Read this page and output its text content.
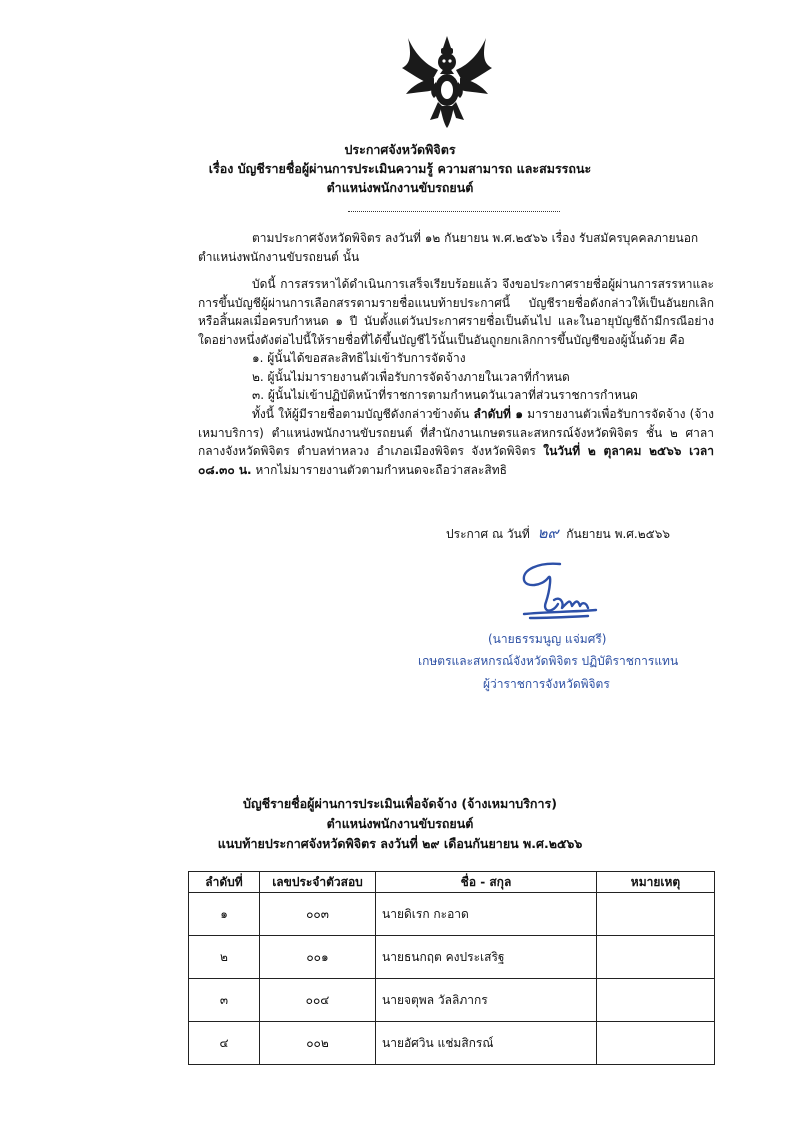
ประกาศจังหวัดพิจิตร
เรื่อง บัญชีรายชื่อผู้ผ่านการประเมินความรู้ ความสามารถ และสมรรถนะ
ตำแหน่งพนักงานขับรถยนต์
ตามประกาศจังหวัดพิจิตร ลงวันที่ ๑๒ กันยายน พ.ศ.๒๕๖๖ เรื่อง รับสมัครบุคคลภายนอก
ตำแหน่งพนักงานขับรถยนต์ นั้น
บัดนี้ การสรรหาได้ดำเนินการเสร็จเรียบร้อยแล้ว จึงขอประกาศรายชื่อผู้ผ่านการสรรหาและการขึ้นบัญชีผู้ผ่านการเลือกสรรตามรายชื่อแนบท้ายประกาศนี้ บัญชีรายชื่อดังกล่าวให้เป็นอันยกเลิกหรือสิ้นผลเมื่อครบกำหนด ๑ ปี นับตั้งแต่วันประกาศรายชื่อเป็นต้นไป และในอายุบัญชีถ้ามีกรณีอย่างใดอย่างหนึ่งดังต่อไปนี้ให้รายชื่อที่ได้ขึ้นบัญชีไว้นั้นเป็นอันถูกยกเลิกการขึ้นบัญชีของผู้นั้นด้วย คือ
๑. ผู้นั้นได้ขอสละสิทธิไม่เข้ารับการจัดจ้าง
๒. ผู้นั้นไม่มารายงานตัวเพื่อรับการจัดจ้างภายในเวลาที่กำหนด
๓. ผู้นั้นไม่เข้าปฏิบัติหน้าที่ราชการตามกำหนดวันเวลาที่ส่วนราชการกำหนด
ทั้งนี้ ให้ผู้มีรายชื่อตามบัญชีดังกล่าวข้างต้น ลำดับที่ ๑ มารายงานตัวเพื่อรับการจัดจ้าง (จ้างเหมาบริการ) ตำแหน่งพนักงานขับรถยนต์ ที่สำนักงานเกษตรและสหกรณ์จังหวัดพิจิตร ชั้น ๒ ศาลากลางจังหวัดพิจิตร ตำบลท่าหลวง อำเภอเมืองพิจิตร จังหวัดพิจิตร ในวันที่ ๒ ตุลาคม ๒๕๖๖ เวลา ๐๘.๓๐ น. หากไม่มารายงานตัวตามกำหนดจะถือว่าสละสิทธิ
ประกาศ ณ วันที่ ๒๙ กันยายน พ.ศ.๒๕๖๖
(นายธรรมนูญ แจ่มศรี)
เกษตรและสหกรณ์จังหวัดพิจิตร ปฏิบัติราชการแทน
ผู้ว่าราชการจังหวัดพิจิตร
บัญชีรายชื่อผู้ผ่านการประเมินเพื่อจัดจ้าง (จ้างเหมาบริการ)
ตำแหน่งพนักงานขับรถยนต์
แนบท้ายประกาศจังหวัดพิจิตร ลงวันที่ ๒๙ เดือนกันยายน พ.ศ.๒๕๖๖
ลำดับที่	เลขประจำตัวสอบ	ชื่อ - สกุล	หมายเหตุ
๑	๐๐๓	นายดิเรก กะอาด	
๒	๐๐๑	นายธนกฤต คงประเสริฐ	
๓	๐๐๔	นายจตุพล วัลลิภากร	
๔	๐๐๒	นายอัศวิน แช่มสิกรณ์	
